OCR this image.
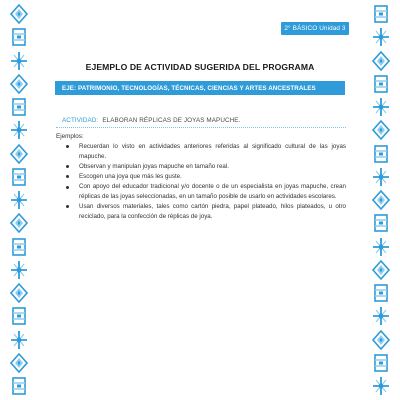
2° BÁSICO Unidad 3
EJEMPLO DE ACTIVIDAD SUGERIDA DEL PROGRAMA
EJE: PATRIMONIO, TECNOLOGÍAS, TÉCNICAS, CIENCIAS Y ARTES ANCESTRALES
ACTIVIDAD: ELABORAN RÉPLICAS DE JOYAS MAPUCHE.
Ejemplos:
Recuerdan lo visto en actividades anteriores referidas al significado cultural de las joyas mapuche.
Observan y manipulan joyas mapuche en tamaño real.
Escogen una joya que más les guste.
Con apoyo del educador tradicional y/o docente o de un especialista en joyas mapuche, crean réplicas de las joyas seleccionadas, en un tamaño posible de usarlo en actividades escolares.
Usan diversos materiales, tales como cartón piedra, papel plateado, hilos plateados, u otro reciclado, para la confección de réplicas de joya.
